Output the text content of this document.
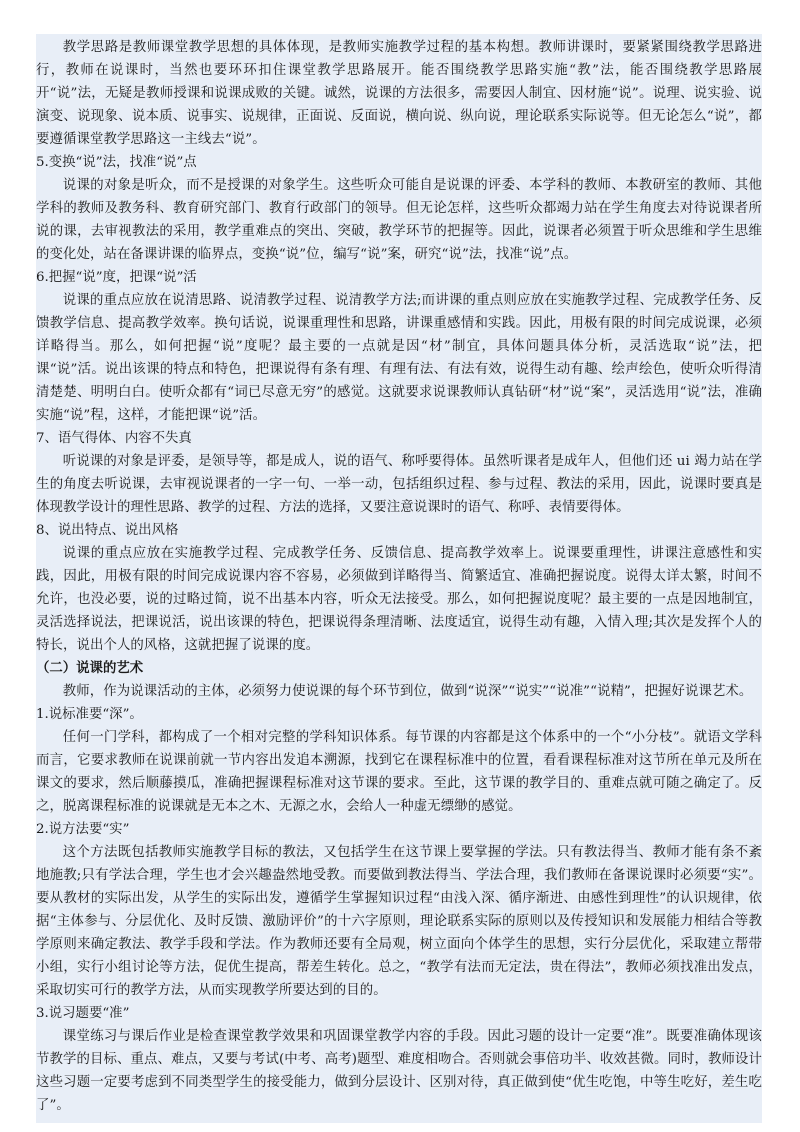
教学思路是教师课堂教学思想的具体体现，是教师实施教学过程的基本构想。教师讲课时，要紧紧围绕教学思路进行，教师在说课时，当然也要环环扣住课堂教学思路展开。能否围绕教学思路实施“教”法，能否围绕教学思路展开“说”法，无疑是教师授课和说课成败的关键。诚然，说课的方法很多，需要因人制宜、因材施“说”。说理、说实验、说演变、说现象、说本质、说事实、说规律，正面说、反面说，横向说、纵向说，理论联系实际说等。但无论怎么“说”，都要遵循课堂教学思路这一主线去“说”。

5.变换“说”法，找准“说”点

说课的对象是听众，而不是授课的对象学生。这些听众可能自是说课的评委、本学科的教师、本教研室的教师、其他学科的教师及教务科、教育研究部门、教育行政部门的领导。但无论怎样，这些听众都竭力站在学生角度去对待说课者所说的课，去审视教法的采用，教学重难点的突出、突破，教学环节的把握等。因此，说课者必须置于听众思维和学生思维的变化处，站在备课讲课的临界点，变换“说”位，编写“说”案，研究“说”法，找准“说”点。

6.把握“说”度，把课“说”活

说课的重点应放在说清思路、说清教学过程、说清教学方法;而讲课的重点则应放在实施教学过程、完成教学任务、反馈教学信息、提高教学效率。换句话说，说课重理性和思路，讲课重感情和实践。因此，用极有限的时间完成说课，必须详略得当。那么，如何把握“说”度呢？最主要的一点就是因“材”制宜，具体问题具体分析，灵活选取“说”法，把课“说”活。说出该课的特点和特色，把课说得有条有理、有理有法、有法有效，说得生动有趣、绘声绘色，使听众听得清清楚楚、明明白白。使听众都有“词已尽意无穷”的感觉。这就要求说课教师认真钻研“材”说“案”，灵活选用“说”法，准确实施“说”程，这样，才能把课“说”活。

7、语气得体、内容不失真

听说课的对象是评委，是领导等，都是成人，说的语气、称呼要得体。虽然听课者是成年人，但他们还 ui 竭力站在学生的角度去听说课，去审视说课者的一字一句、一举一动，包括组织过程、参与过程、教法的采用，因此，说课时要真是体现教学设计的理性思路、教学的过程、方法的选择，又要注意说课时的语气、称呼、表情要得体。

8、说出特点、说出风格

说课的重点应放在实施教学过程、完成教学任务、反馈信息、提高教学效率上。说课要重理性，讲课注意感性和实践，因此，用极有限的时间完成说课内容不容易，必须做到详略得当、简繁适宜、准确把握说度。说得太详太繁，时间不允许，也没必要，说的过略过简，说不出基本内容，听众无法接受。那么，如何把握说度呢？最主要的一点是因地制宜，灵活选择说法，把课说活，说出该课的特色，把课说得条理清晰、法度适宜，说得生动有趣，入情入理;其次是发挥个人的特长，说出个人的风格，这就把握了说课的度。

（二）说课的艺术

教师，作为说课活动的主体，必须努力使说课的每个环节到位，做到“说深”“说实”“说准”“说精”，把握好说课艺术。

1.说标准要“深”。

任何一门学科，都构成了一个相对完整的学科知识体系。每节课的内容都是这个体系中的一个“小分枝”。就语文学科而言，它要求教师在说课前就一节内容出发追本溯源，找到它在课程标准中的位置，看看课程标准对这节所在单元及所在课文的要求，然后顺藤摸瓜，准确把握课程标准对这节课的要求。至此，这节课的教学目的、重难点就可随之确定了。反之，脱离课程标准的说课就是无本之木、无源之水，会给人一种虚无缥缈的感觉。

2.说方法要“实”

这个方法既包括教师实施教学目标的教法，又包括学生在这节课上要掌握的学法。只有教法得当、教师才能有条不紊地施教;只有学法合理，学生也才会兴趣盎然地受教。而要做到教法得当、学法合理，我们教师在备课说课时必须要“实”。要从教材的实际出发，从学生的实际出发，遵循学生掌握知识过程“由浅入深、循序渐进、由感性到理性”的认识规律，依据“主体参与、分层优化、及时反馈、激励评价”的十六字原则，理论联系实际的原则以及传授知识和发展能力相结合等教学原则来确定教法、教学手段和学法。作为教师还要有全局观，树立面向个体学生的思想，实行分层优化，采取建立帮带小组，实行小组讨论等方法，促优生提高，帮差生转化。总之，“教学有法而无定法，贵在得法”，教师必须找准出发点，采取切实可行的教学方法，从而实现教学所要达到的目的。

3.说习题要“准”

课堂练习与课后作业是检查课堂教学效果和巩固课堂教学内容的手段。因此习题的设计一定要“准”。既要准确体现该节教学的目标、重点、难点，又要与考试(中考、高考)题型、难度相吻合。否则就会事倍功半、收效甚微。同时，教师设计这些习题一定要考虑到不同类型学生的接受能力，做到分层设计、区别对待，真正做到使“优生吃饱，中等生吃好，差生吃了”。
